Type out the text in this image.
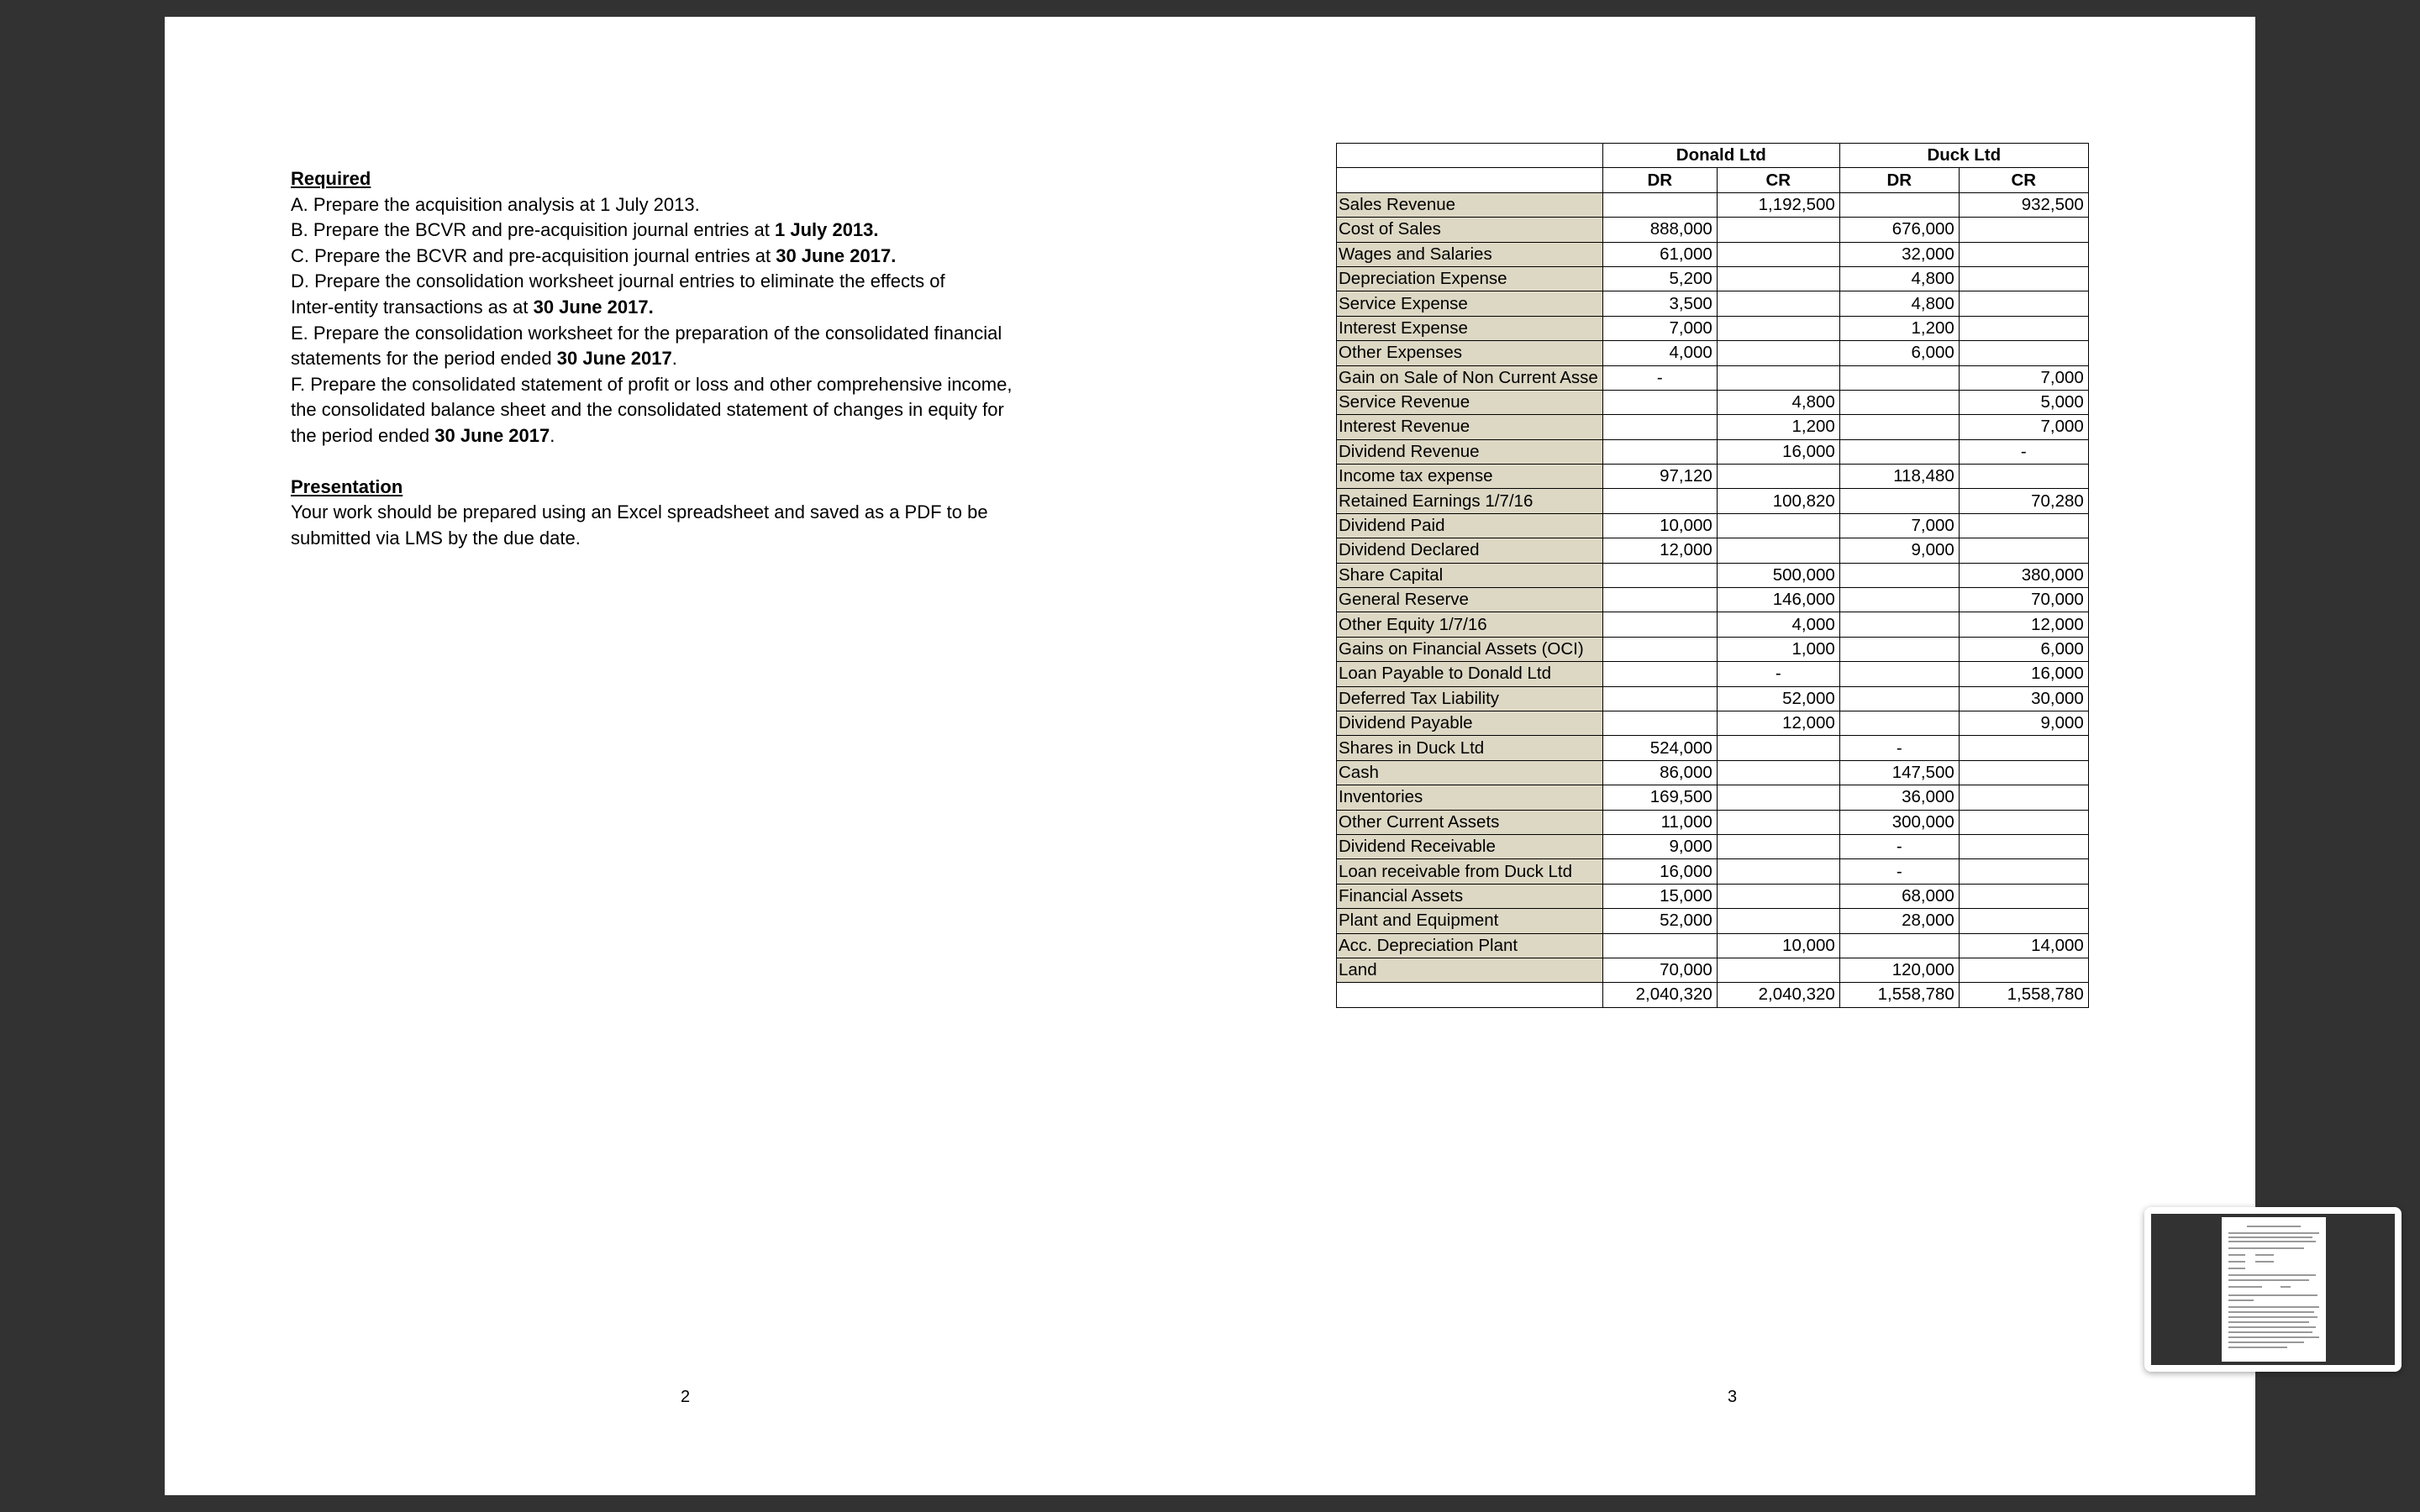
Required

A. Prepare the acquisition analysis at 1 July 2013.

B. Prepare the BCVR and pre-acquisition journal entries at 1 July 2013.

C. Prepare the BCVR and pre-acquisition journal entries at 30 June 2017.

D. Prepare the consolidation worksheet journal entries to eliminate the effects of

Inter-entity transactions as at 30 June 2017.

E. Prepare the consolidation worksheet for the preparation of the consolidated financial

statements for the period ended 30 June 2017.

F. Prepare the consolidated statement of profit or loss and other comprehensive income,

the consolidated balance sheet and the consolidated statement of changes in equity for

the period ended 30 June 2017.

Presentation

Your work should be prepared using an Excel spreadsheet and saved as a PDF to be

submitted via LMS by the due date.

2	3
	Donald Ltd		Duck Ltd	
	DR	CR	DR	CR
Sales Revenue		1,192,500		932,500
Cost of Sales	888,000		676,000	
Wages and Salaries	61,000		32,000	
Depreciation Expense	5,200		4,800	
Service Expense	3,500		4,800	
Interest Expense	7,000		1,200	
Other Expenses	4,000		6,000	
Gain on Sale of Non Current Asse	-			7,000
Service Revenue		4,800		5,000
Interest Revenue		1,200		7,000
Dividend Revenue		16,000		-
Income tax expense	97,120		118,480	
Retained Earnings 1/7/16		100,820		70,280
Dividend Paid	10,000		7,000	
Dividend Declared	12,000		9,000	
Share Capital		500,000		380,000
General Reserve		146,000		70,000
Other Equity 1/7/16		4,000		12,000
Gains on Financial Assets (OCI)		1,000		6,000
Loan Payable to Donald Ltd		-		16,000
Deferred Tax Liability		52,000		30,000
Dividend Payable		12,000		9,000
Shares in Duck Ltd	524,000		-	
Cash	86,000		147,500	
Inventories	169,500		36,000	
Other Current Assets	11,000		300,000	
Dividend Receivable	9,000		-	
Loan receivable from Duck Ltd	16,000		-	
Financial Assets	15,000		68,000	
Plant and Equipment	52,000		28,000	
Acc. Depreciation Plant		10,000		14,000
Land	70,000		120,000	
	2,040,320	2,040,320	1,558,780	1,558,780
